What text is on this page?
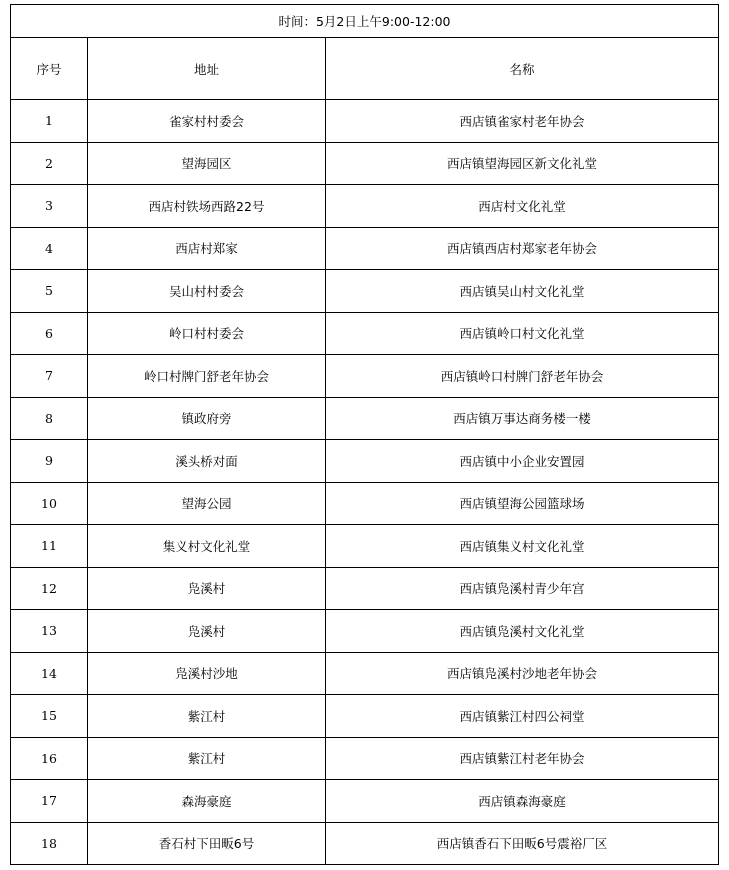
时间：5月2日上午9:00-12:00		
序号	地址	名称
1	雀家村村委会	西店镇雀家村老年协会
2	望海园区	西店镇望海园区新文化礼堂
3	西店村铁场西路22号	西店村文化礼堂
4	西店村郑家	西店镇西店村郑家老年协会
5	吴山村村委会	西店镇吴山村文化礼堂
6	岭口村村委会	西店镇岭口村文化礼堂
7	岭口村牌门舒老年协会	西店镇岭口村牌门舒老年协会
8	镇政府旁	西店镇万事达商务楼一楼
9	溪头桥对面	西店镇中小企业安置园
10	望海公园	西店镇望海公园篮球场
11	集义村文化礼堂	西店镇集义村文化礼堂
12	凫溪村	西店镇凫溪村青少年宫
13	凫溪村	西店镇凫溪村文化礼堂
14	凫溪村沙地	西店镇凫溪村沙地老年协会
15	紫江村	西店镇紫江村四公祠堂
16	紫江村	西店镇紫江村老年协会
17	森海豪庭	西店镇森海豪庭
18	香石村下田畈6号	西店镇香石下田畈6号震裕厂区
